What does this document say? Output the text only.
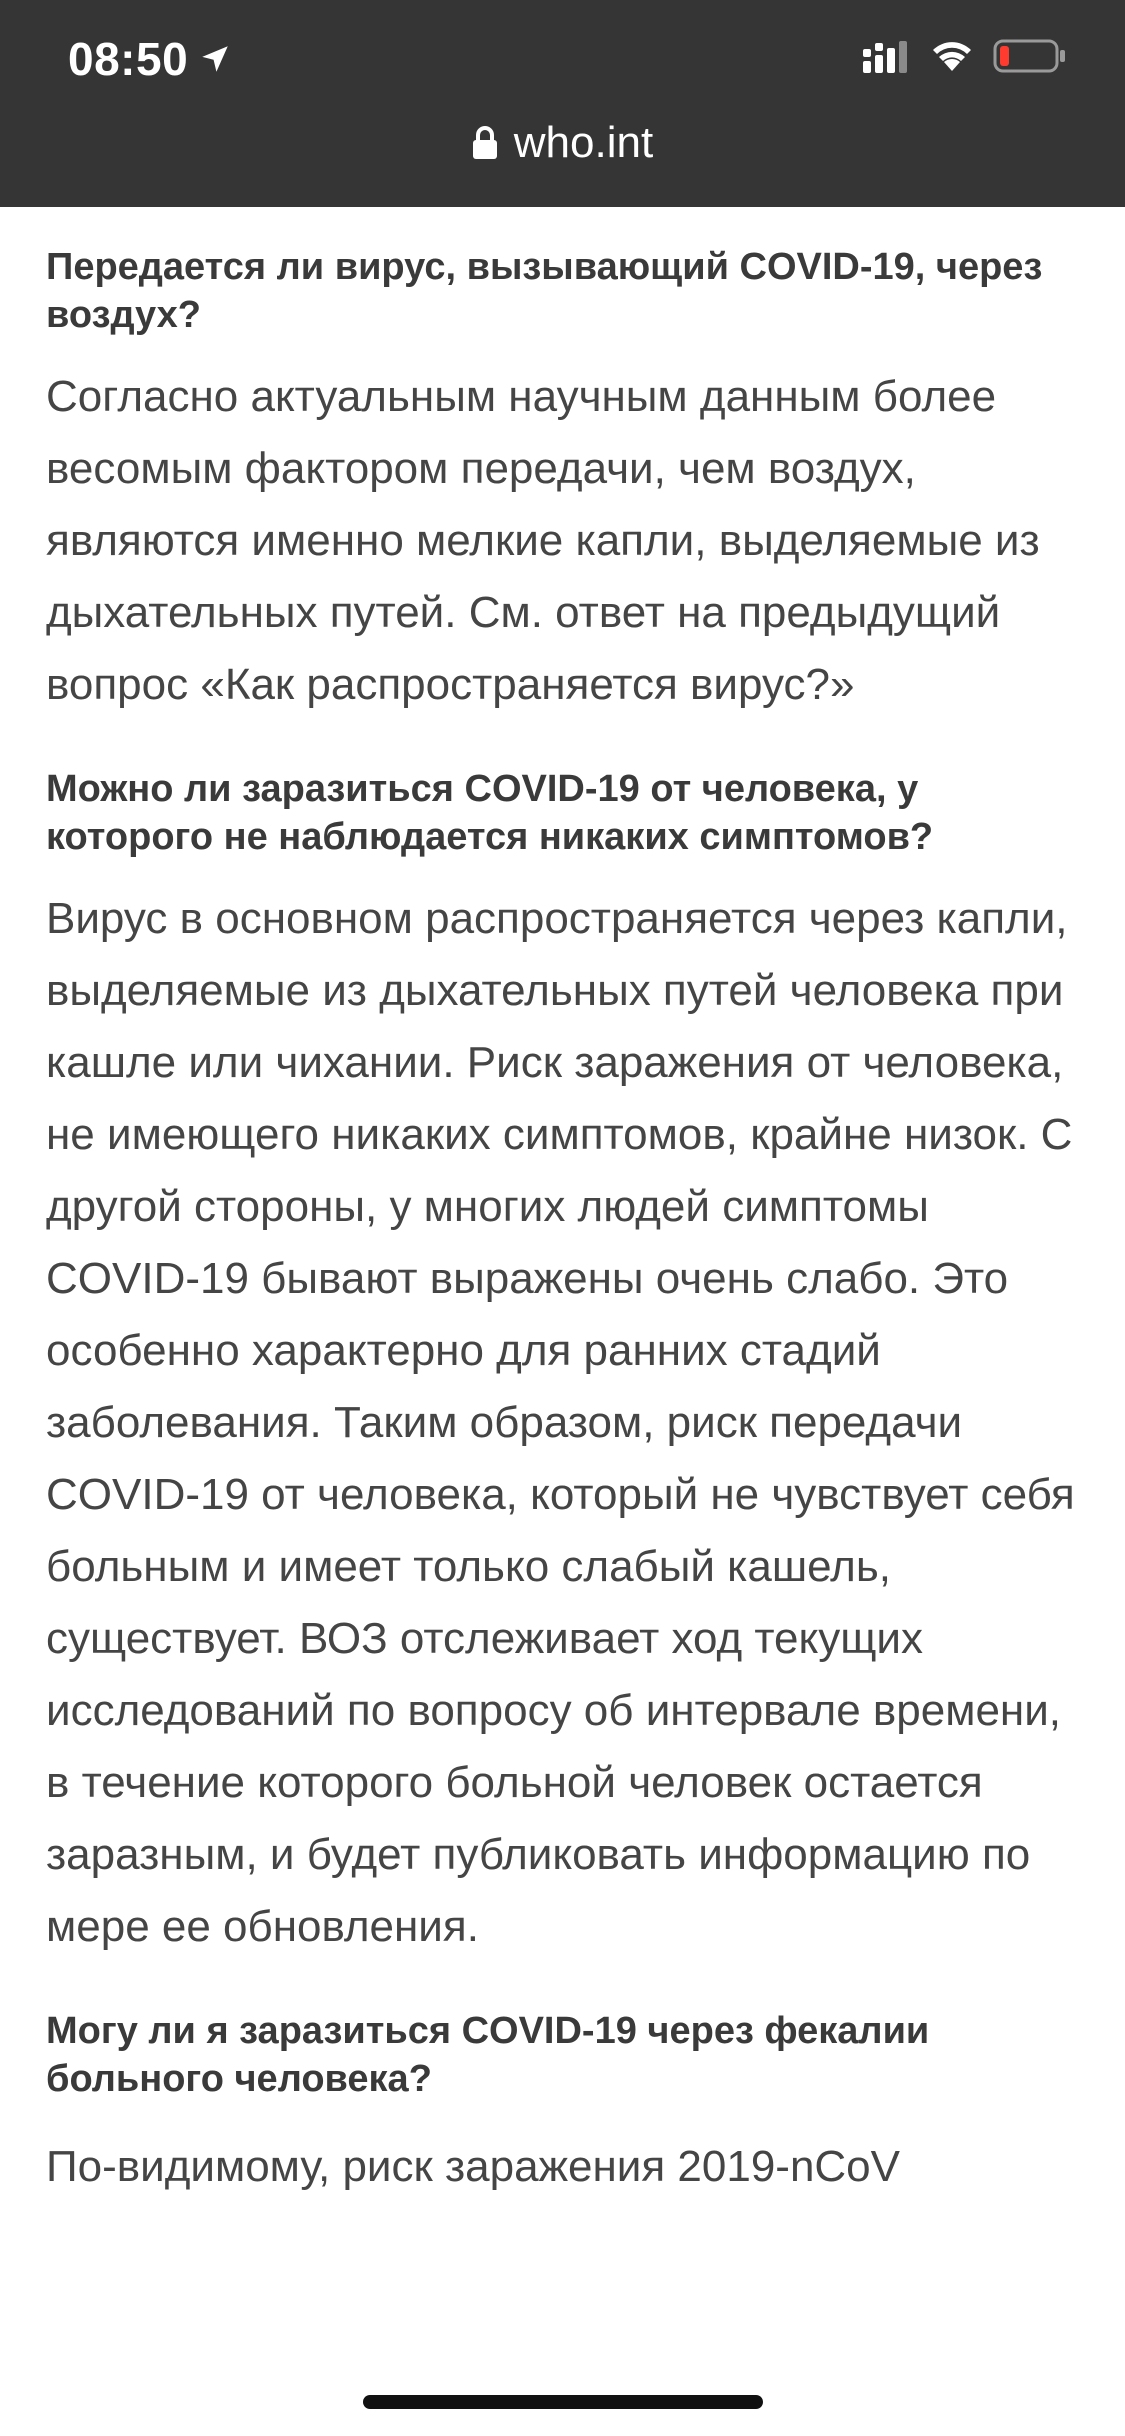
08:50
who.int

Передается ли вирус, вызывающий COVID-19, через воздух?

Согласно актуальным научным данным более весомым фактором передачи, чем воздух, являются именно мелкие капли, выделяемые из дыхательных путей. См. ответ на предыдущий вопрос «Как распространяется вирус?»

Можно ли заразиться COVID-19 от человека, у которого не наблюдается никаких симптомов?

Вирус в основном распространяется через капли, выделяемые из дыхательных путей человека при кашле или чихании. Риск заражения от человека, не имеющего никаких симптомов, крайне низок. С другой стороны, у многих людей симптомы COVID-19 бывают выражены очень слабо. Это особенно характерно для ранних стадий заболевания. Таким образом, риск передачи COVID-19 от человека, который не чувствует себя больным и имеет только слабый кашель, существует. ВОЗ отслеживает ход текущих исследований по вопросу об интервале времени, в течение которого больной человек остается заразным, и будет публиковать информацию по мере ее обновления.

Могу ли я заразиться COVID-19 через фекалии больного человека?

По-видимому, риск заражения 2019-nCoV
